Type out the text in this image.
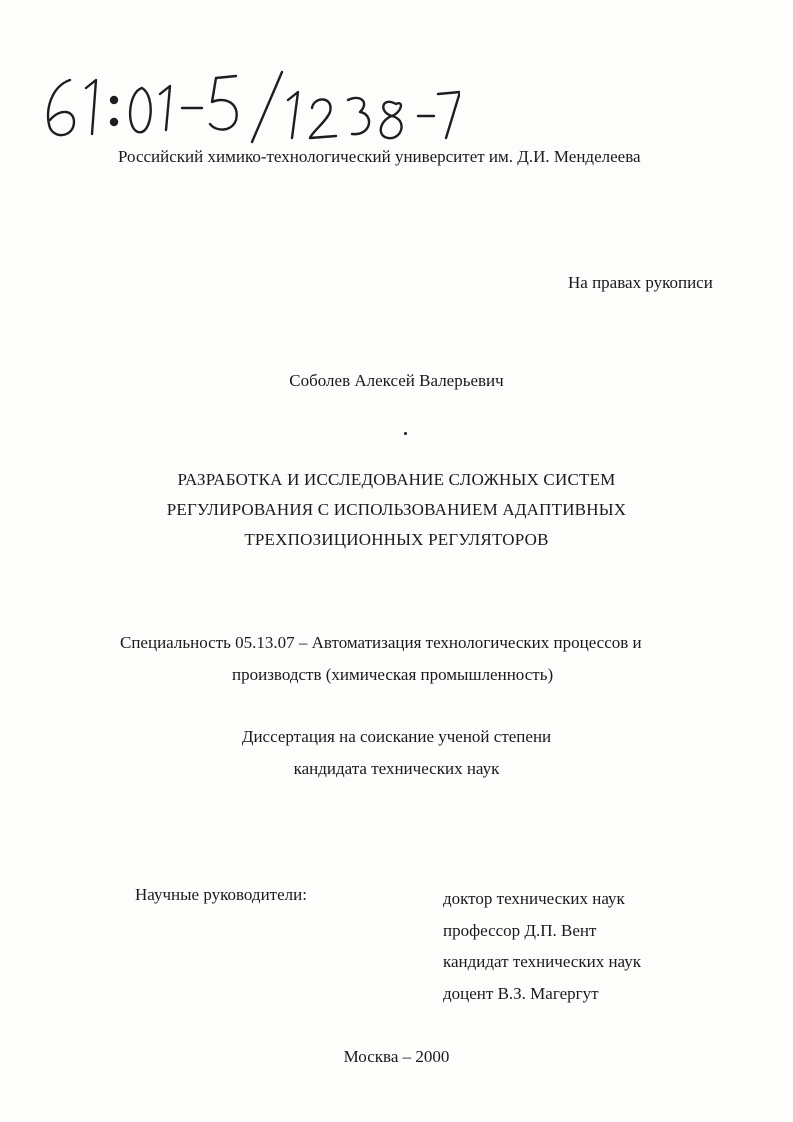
Российский химико-технологический университет им. Д.И. Менделеева
На правах рукописи
Соболев Алексей Валерьевич
РАЗРАБОТКА И ИССЛЕДОВАНИЕ СЛОЖНЫХ СИСТЕМ
РЕГУЛИРОВАНИЯ С ИСПОЛЬЗОВАНИЕМ АДАПТИВНЫХ
ТРЕХПОЗИЦИОННЫХ РЕГУЛЯТОРОВ
Специальность 05.13.07 – Автоматизация технологических процессов и
производств (химическая промышленность)
Диссертация на соискание ученой степени
кандидата технических наук
Научные руководители:	доктор технических наук
профессор Д.П. Вент
кандидат технических наук
доцент В.З. Магергут
Москва – 2000
